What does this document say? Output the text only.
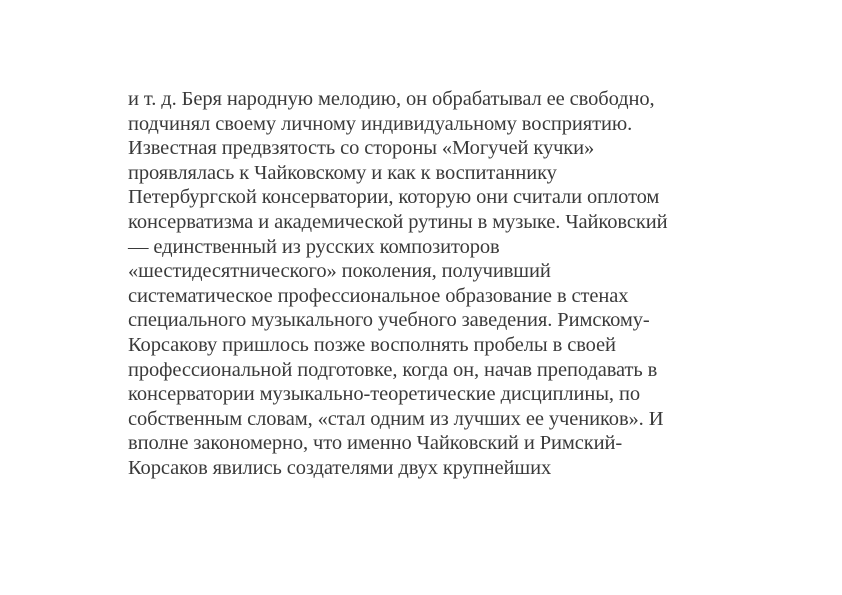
и т. д. Беря народную мелодию, он обрабатывал ее свободно,
подчинял своему личному индивидуальному восприятию.
Известная предвзятость со стороны «Могучей кучки»
проявлялась к Чайковскому и как к воспитаннику
Петербургской консерватории, которую они считали оплотом
консерватизма и академической рутины в музыке. Чайковский
— единственный из русских композиторов
«шестидесятнического» поколения, получивший
систематическое профессиональное образование в стенах
специального музыкального учебного заведения. Римскому-
Корсакову пришлось позже восполнять пробелы в своей
профессиональной подготовке, когда он, начав преподавать в
консерватории музыкально-теоретические дисциплины, по
собственным словам, «стал одним из лучших ее учеников». И
вполне закономерно, что именно Чайковский и Римский-
Корсаков явились создателями двух крупнейших
